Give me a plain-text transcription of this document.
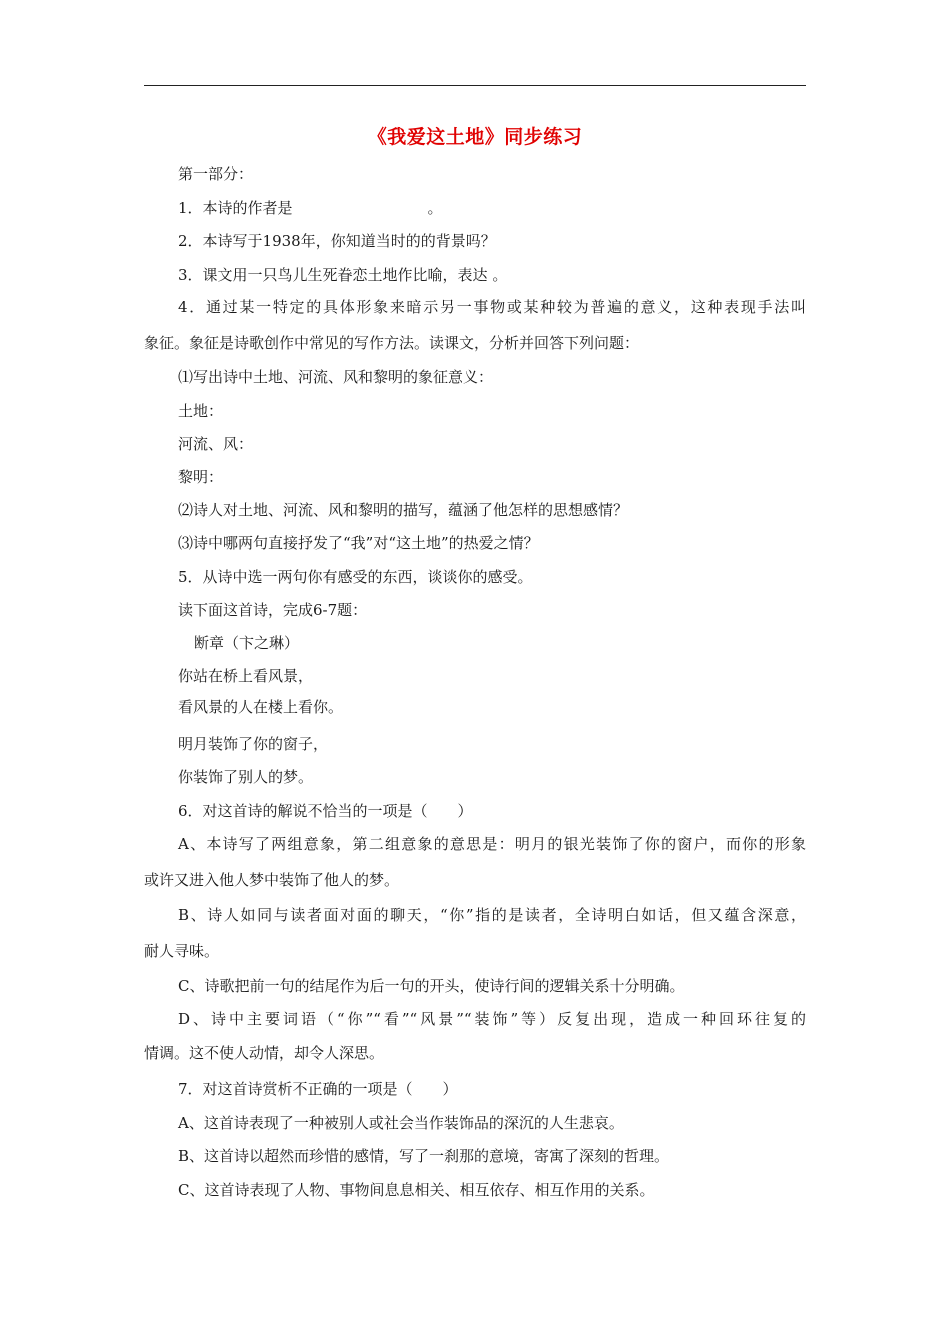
《我爱这土地》同步练习
第一部分：
1．本诗的作者是　　　　　　　　　。
2．本诗写于1938年，你知道当时的的背景吗？
3．课文用一只鸟儿生死眷恋土地作比喻，表达 。
4．通过某一特定的具体形象来暗示另一事物或某种较为普遍的意义，这种表现手法叫
象征。象征是诗歌创作中常见的写作方法。读课文，分析并回答下列问题：
⑴写出诗中土地、河流、风和黎明的象征意义：
土地：
河流、风：
黎明：
⑵诗人对土地、河流、风和黎明的描写，蕴涵了他怎样的思想感情？
⑶诗中哪两句直接抒发了“我”对“这土地”的热爱之情？
5．从诗中选一两句你有感受的东西，谈谈你的感受。
读下面这首诗，完成6-7题：
断章（卞之琳）
你站在桥上看风景，
看风景的人在楼上看你。
明月装饰了你的窗子，
你装饰了别人的梦。
6．对这首诗的解说不恰当的一项是（　　）
A、本诗写了两组意象，第二组意象的意思是：明月的银光装饰了你的窗户，而你的形象
或许又进入他人梦中装饰了他人的梦。
B、诗人如同与读者面对面的聊天，“你”指的是读者，全诗明白如话，但又蕴含深意，
耐人寻味。
C、诗歌把前一句的结尾作为后一句的开头，使诗行间的逻辑关系十分明确。
D、诗中主要词语（“你”“看”“风景”“装饰”等）反复出现，造成一种回环往复的
情调。这不使人动情，却令人深思。
7．对这首诗赏析不正确的一项是（　　）
A、这首诗表现了一种被别人或社会当作装饰品的深沉的人生悲哀。
B、这首诗以超然而珍惜的感情，写了一刹那的意境，寄寓了深刻的哲理。
C、这首诗表现了人物、事物间息息相关、相互依存、相互作用的关系。
